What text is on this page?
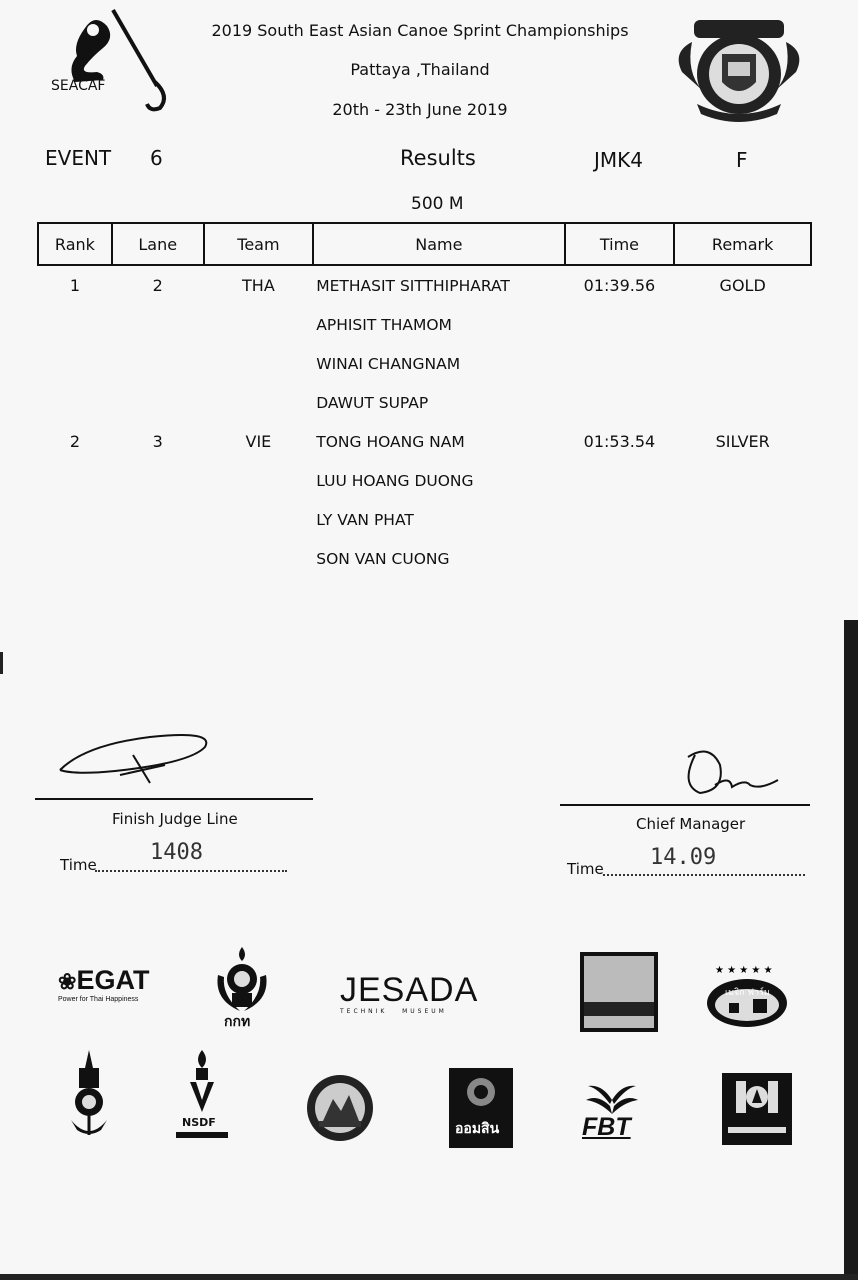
SEACAF
2019 South East Asian Canoe Sprint Championships
Pattaya ,Thailand
20th - 23th June 2019
EVENT 6	Results	JMK4	F
500 M
Rank	Lane	Team	Name	Time	Remark
1	2	THA	METHASIT SITTHIPHARAT	01:39.56	GOLD
			APHISIT THAMOM		
			WINAI CHANGNAM		
			DAWUT SUPAP		
2	3	VIE	TONG HOANG NAM	01:53.54	SILVER
			LUU HOANG DUONG		
			LY VAN PHAT		
			SON VAN CUONG		
Finish Judge Line
Time 1408
Chief Manager
Time 14.09
❀EGAT
Power for Thai Happiness
กกท
JESADA
TECHNIK   MUSEUM
★ ★ ★ ★ ★
เมจิก ฟาร์ม
NSDF	ออมสิน	FBT
